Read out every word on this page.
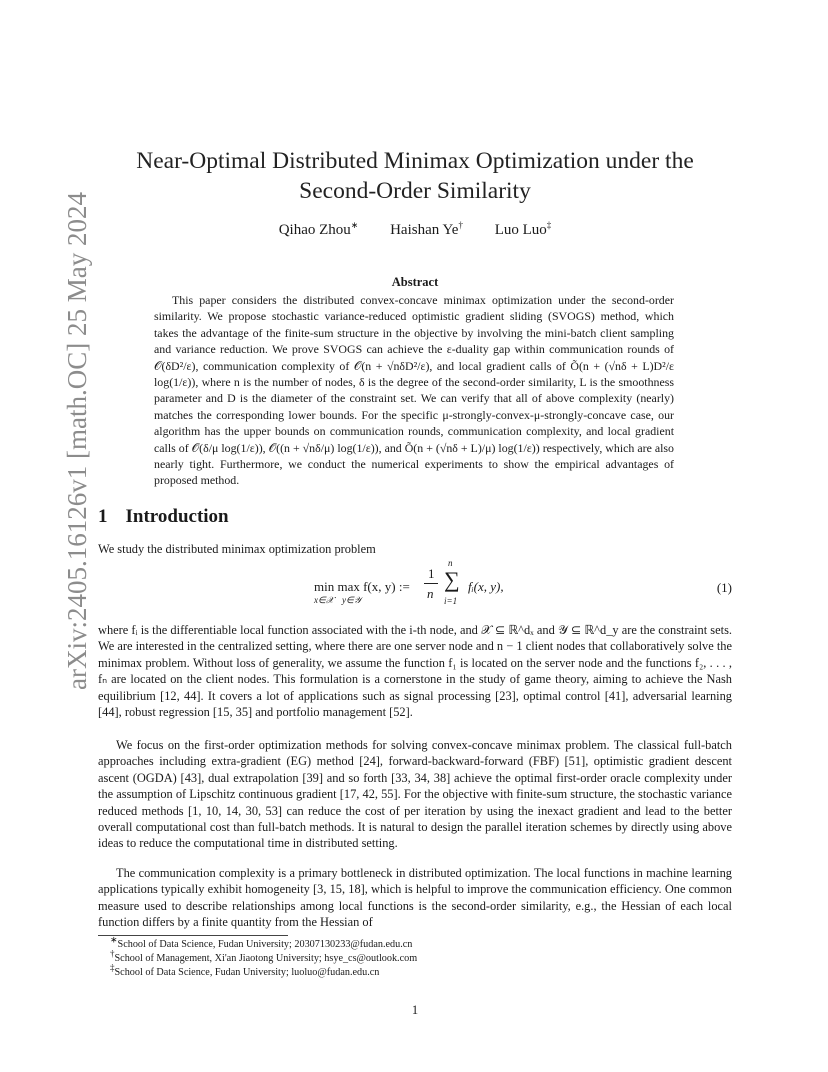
arXiv:2405.16126v1 [math.OC] 25 May 2024
Near-Optimal Distributed Minimax Optimization under the
Second-Order Similarity
Qihao Zhou∗ Haishan Ye† Luo Luo‡
Abstract
This paper considers the distributed convex-concave minimax optimization under the second-order similarity. We propose stochastic variance-reduced optimistic gradient sliding (SVOGS) method, which takes the advantage of the finite-sum structure in the objective by involving the mini-batch client sampling and variance reduction. We prove SVOGS can achieve the ε-duality gap within communication rounds of 𝒪(δD²/ε), communication complexity of 𝒪(n + √nδD²/ε), and local gradient calls of Õ(n + (√nδ + L)D²/ε log(1/ε)), where n is the number of nodes, δ is the degree of the second-order similarity, L is the smoothness parameter and D is the diameter of the constraint set. We can verify that all of above complexity (nearly) matches the corresponding lower bounds. For the specific μ-strongly-convex-μ-strongly-concave case, our algorithm has the upper bounds on communication rounds, communication complexity, and local gradient calls of 𝒪(δ/μ log(1/ε)), 𝒪((n + √nδ/μ) log(1/ε)), and Õ(n + (√nδ + L)/μ) log(1/ε)) respectively, which are also nearly tight. Furthermore, we conduct the numerical experiments to show the empirical advantages of proposed method.
1 Introduction
We study the distributed minimax optimization problem
min max f(x, y) :=
x∈𝒳 y∈𝒴
1
n
n
∑
i=1
fᵢ(x, y),	(1)
where fᵢ is the differentiable local function associated with the i-th node, and 𝒳 ⊆ ℝ^dₓ and 𝒴 ⊆ ℝ^d_y are the constraint sets. We are interested in the centralized setting, where there are one server node and n − 1 client nodes that collaboratively solve the minimax problem. Without loss of generality, we assume the function f₁ is located on the server node and the functions f₂, . . . , fₙ are located on the client nodes. This formulation is a cornerstone in the study of game theory, aiming to achieve the Nash equilibrium [12, 44]. It covers a lot of applications such as signal processing [23], optimal control [41], adversarial learning [44], robust regression [15, 35] and portfolio management [52].
We focus on the first-order optimization methods for solving convex-concave minimax problem. The classical full-batch approaches including extra-gradient (EG) method [24], forward-backward-forward (FBF) [51], optimistic gradient descent ascent (OGDA) [43], dual extrapolation [39] and so forth [33, 34, 38] achieve the optimal first-order oracle complexity under the assumption of Lipschitz continuous gradient [17, 42, 55]. For the objective with finite-sum structure, the stochastic variance reduced methods [1, 10, 14, 30, 53] can reduce the cost of per iteration by using the inexact gradient and lead to the better overall computational cost than full-batch methods. It is natural to design the parallel iteration schemes by directly using above ideas to reduce the computational time in distributed setting.
The communication complexity is a primary bottleneck in distributed optimization. The local functions in machine learning applications typically exhibit homogeneity [3, 15, 18], which is helpful to improve the communication efficiency. One common measure used to describe relationships among local functions is the second-order similarity, e.g., the Hessian of each local function differs by a finite quantity from the Hessian of
∗School of Data Science, Fudan University; 20307130233@fudan.edu.cn
†School of Management, Xi'an Jiaotong University; hsye_cs@outlook.com
‡School of Data Science, Fudan University; luoluo@fudan.edu.cn
1
